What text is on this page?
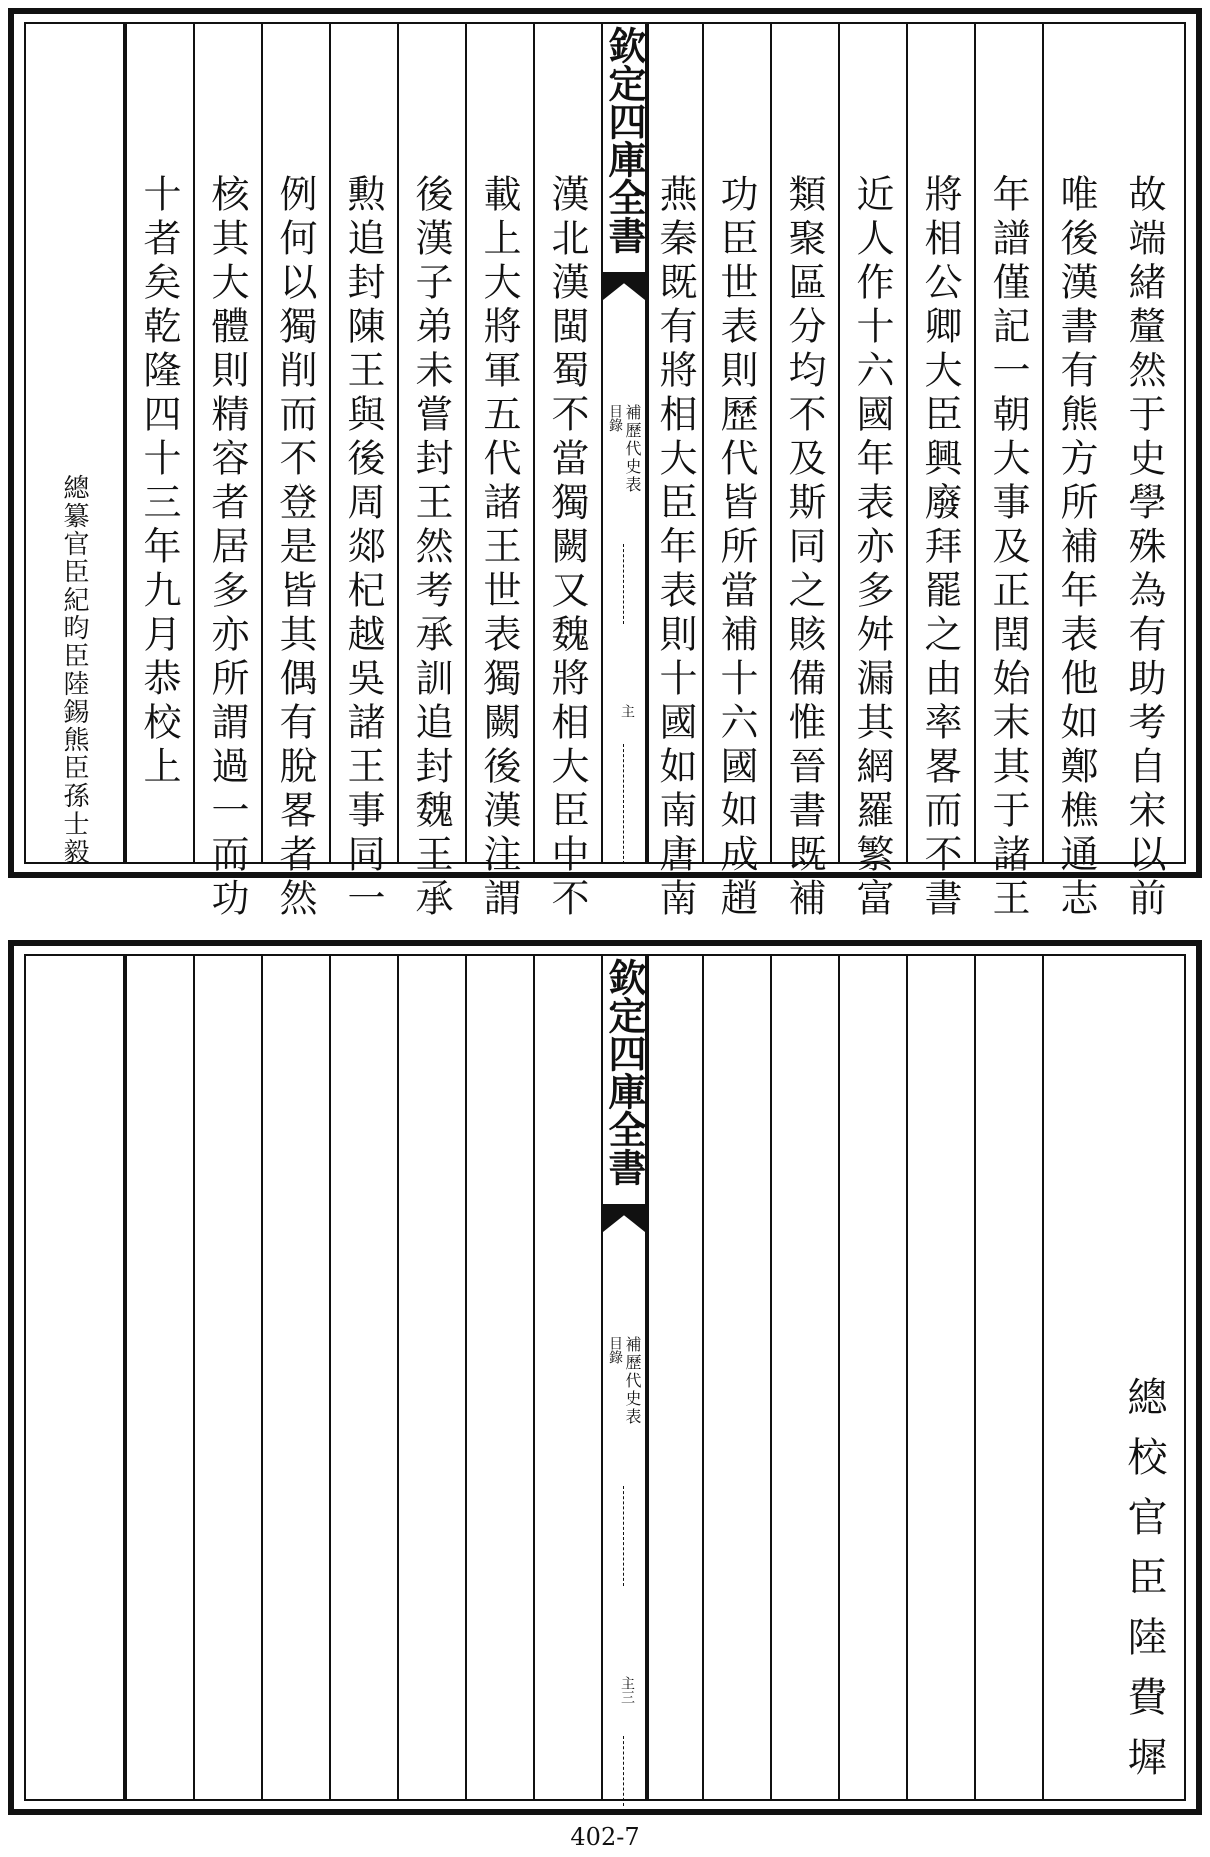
故端緒釐然于史學殊為有助考自宋以前
唯後漢書有熊方所補年表他如鄭樵通志
年譜僅記一朝大事及正閏始末其于諸王
將相公卿大臣興廢拜罷之由率畧而不書
近人作十六國年表亦多舛漏其網羅繁富
類聚區分均不及斯同之賅備惟晉書既補
功臣世表則歷代皆所當補十六國如成趙
燕秦既有將相大臣年表則十國如南唐南
欽定四庫全書
補歷代史表
目錄
主
漢北漢閩蜀不當獨闕又魏將相大臣中不
載上大將軍五代諸王世表獨闕後漢注謂
後漢子弟未嘗封王然考承訓追封魏王承
勲追封陳王與後周郯杞越吳諸王事同一
例何以獨削而不登是皆其偶有脫畧者然
核其大體則精容者居多亦所謂過一而功
十者矣乾隆四十三年九月恭校上
總纂官臣紀昀臣陸錫熊臣孫士毅
總校官臣陸費墀
欽定四庫全書
補歷代史表
目錄
主三
402-7
